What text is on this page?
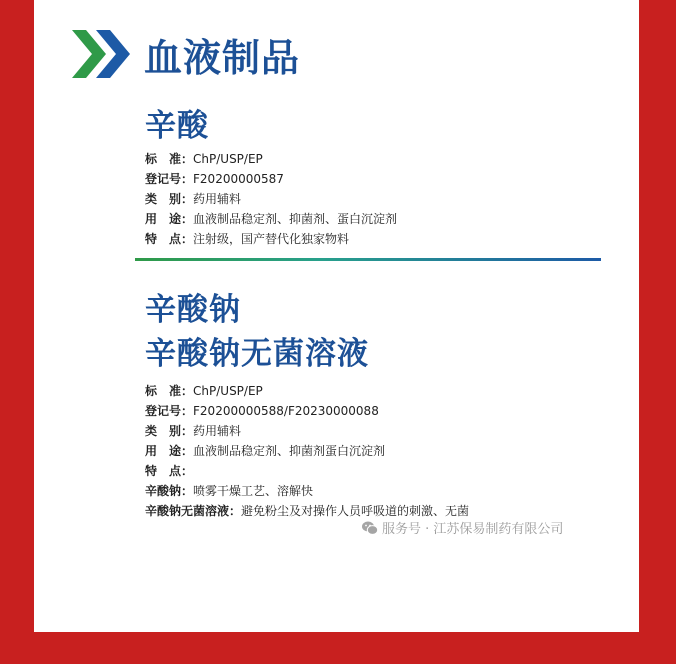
血液制品
辛酸
标　准：ChP/USP/EP
登记号：F20200000587
类　别：药用辅料
用　途：血液制品稳定剂、抑菌剂、蛋白沉淀剂
特　点：注射级，国产替代化独家物料
辛酸钠
辛酸钠无菌溶液
标　准：ChP/USP/EP
登记号：F20200000588/F20230000088
类　别：药用辅料
用　途：血液制品稳定剂、抑菌剂蛋白沉淀剂
特　点：
辛酸钠：喷雾干燥工艺、溶解快
辛酸钠无菌溶液：避免粉尘及对操作人员呼吸道的刺激、无菌
服务号 · 江苏保易制药有限公司
